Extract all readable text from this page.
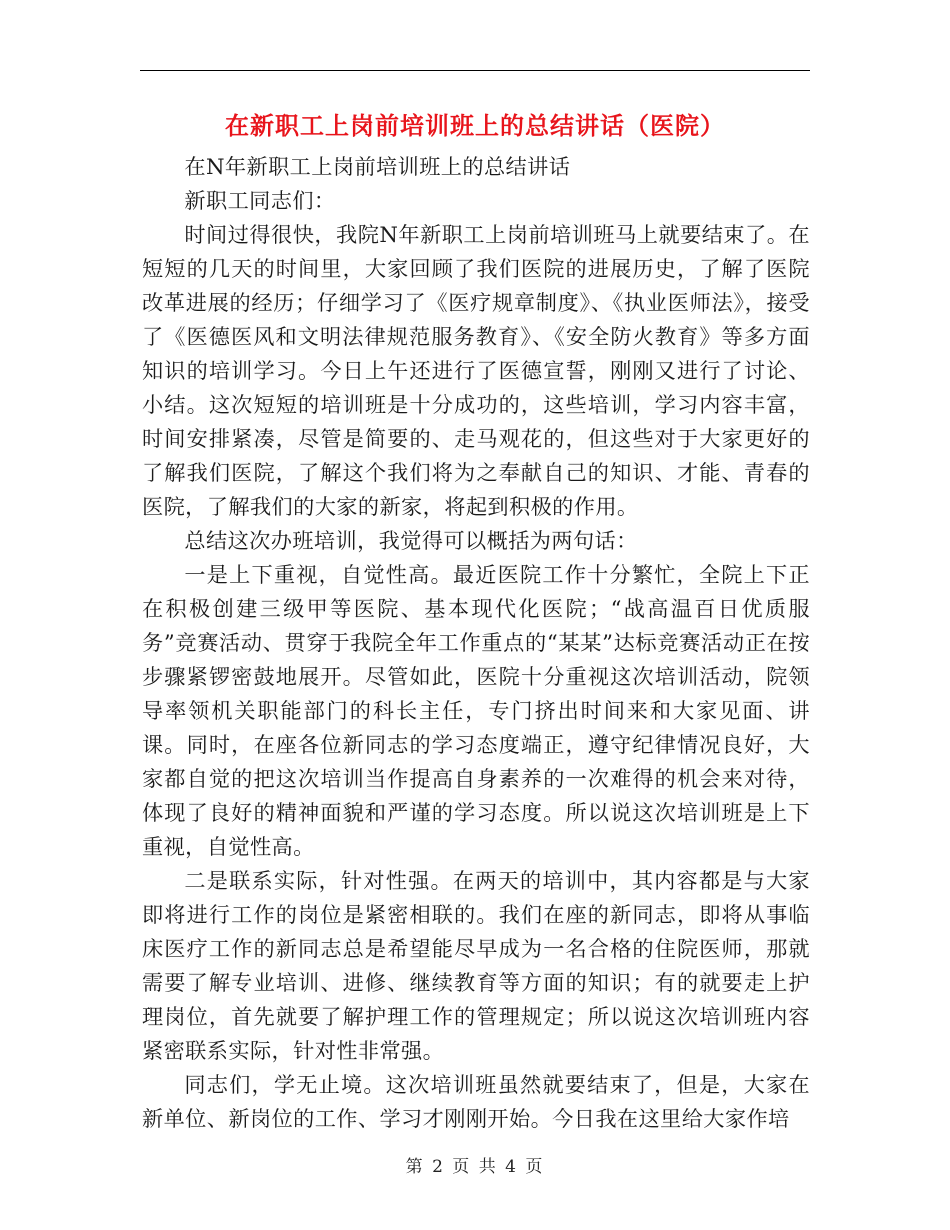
在新职工上岗前培训班上的总结讲话（医院）

在N年新职工上岗前培训班上的总结讲话

新职工同志们：

时间过得很快，我院N年新职工上岗前培训班马上就要结束了。在短短的几天的时间里，大家回顾了我们医院的进展历史，了解了医院改革进展的经历；仔细学习了《医疗规章制度》、《执业医师法》，接受了《医德医风和文明法律规范服务教育》、《安全防火教育》等多方面知识的培训学习。今日上午还进行了医德宣誓，刚刚又进行了讨论、小结。这次短短的培训班是十分成功的，这些培训，学习内容丰富，时间安排紧凑，尽管是简要的、走马观花的，但这些对于大家更好的了解我们医院，了解这个我们将为之奉献自己的知识、才能、青春的医院，了解我们的大家的新家，将起到积极的作用。

总结这次办班培训，我觉得可以概括为两句话：

一是上下重视，自觉性高。最近医院工作十分繁忙，全院上下正在积极创建三级甲等医院、基本现代化医院；“战高温百日优质服务”竞赛活动、贯穿于我院全年工作重点的“某某”达标竞赛活动正在按步骤紧锣密鼓地展开。尽管如此，医院十分重视这次培训活动，院领导率领机关职能部门的科长主任，专门挤出时间来和大家见面、讲课。同时，在座各位新同志的学习态度端正，遵守纪律情况良好，大家都自觉的把这次培训当作提高自身素养的一次难得的机会来对待，体现了良好的精神面貌和严谨的学习态度。所以说这次培训班是上下重视，自觉性高。

二是联系实际，针对性强。在两天的培训中，其内容都是与大家即将进行工作的岗位是紧密相联的。我们在座的新同志，即将从事临床医疗工作的新同志总是希望能尽早成为一名合格的住院医师，那就需要了解专业培训、进修、继续教育等方面的知识；有的就要走上护理岗位，首先就要了解护理工作的管理规定；所以说这次培训班内容紧密联系实际，针对性非常强。

同志们，学无止境。这次培训班虽然就要结束了，但是，大家在新单位、新岗位的工作、学习才刚刚开始。今日我在这里给大家作培

第 2 页 共 4 页
